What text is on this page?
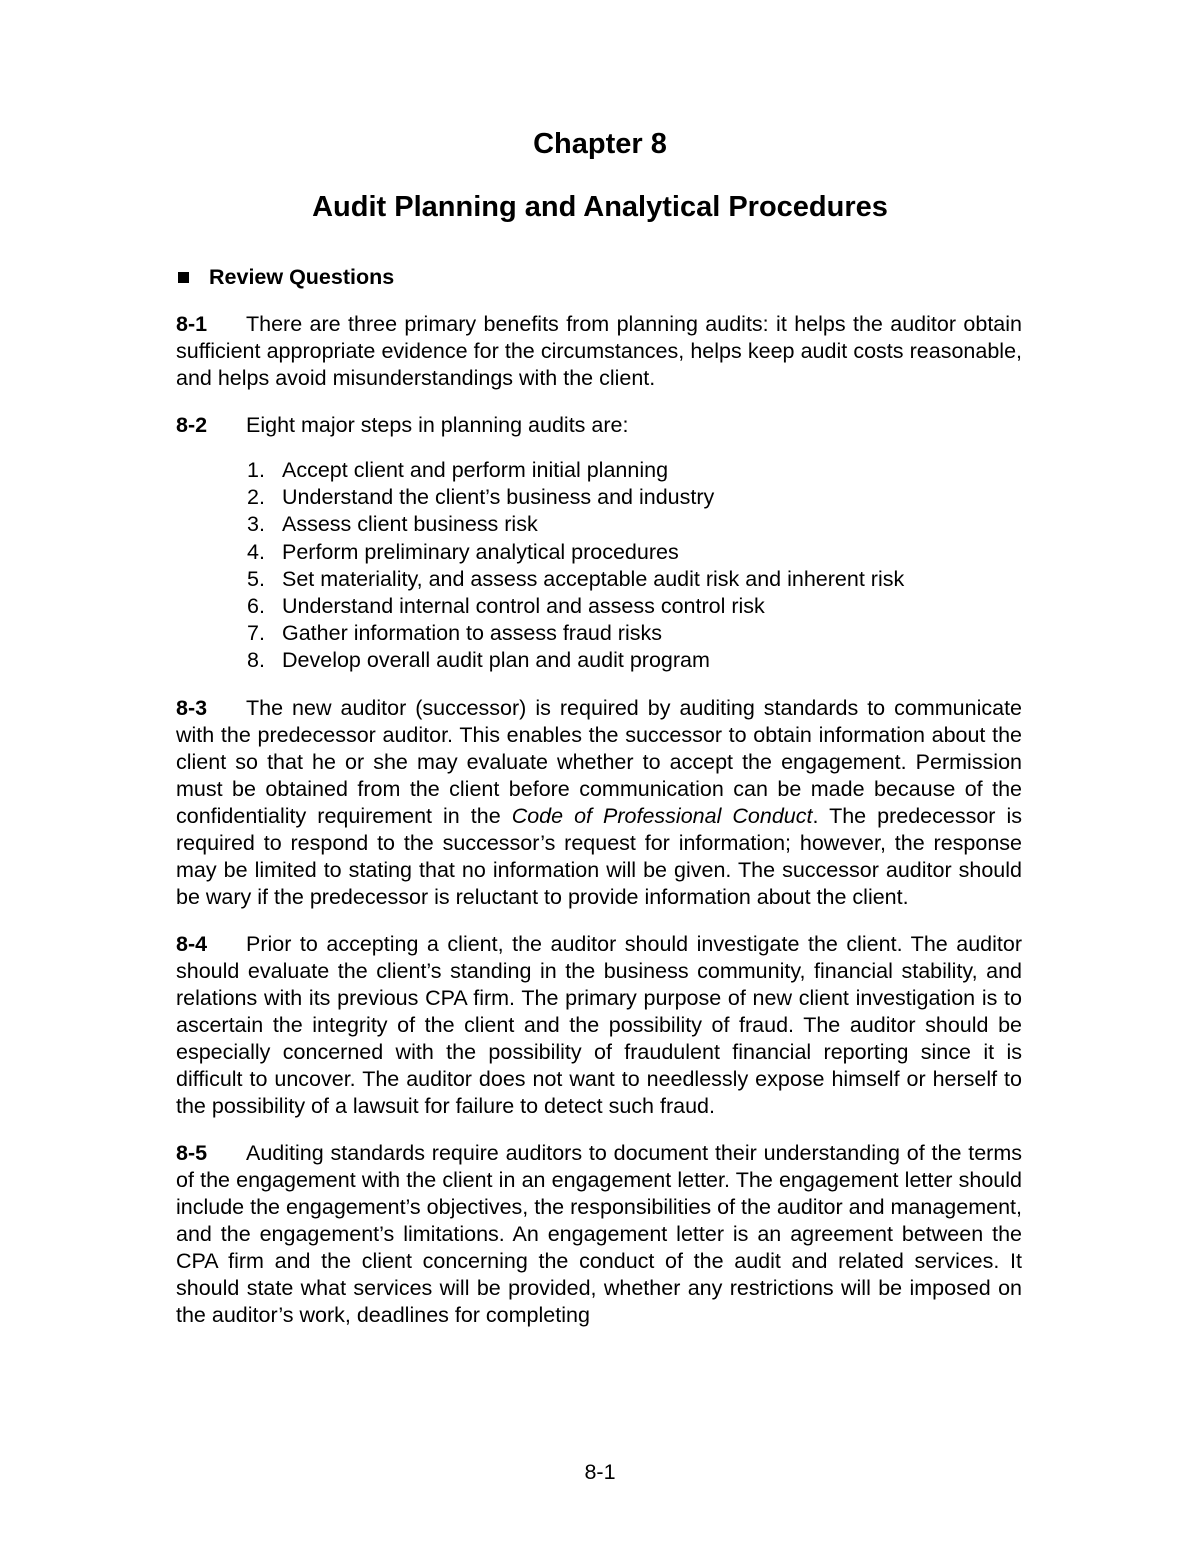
Chapter 8
Audit Planning and Analytical Procedures
Review Questions

8-1 There are three primary benefits from planning audits: it helps the auditor obtain sufficient appropriate evidence for the circumstances, helps keep audit costs reasonable, and helps avoid misunderstandings with the client.

8-2 Eight major steps in planning audits are:

1. Accept client and perform initial planning
2. Understand the client’s business and industry
3. Assess client business risk
4. Perform preliminary analytical procedures
5. Set materiality, and assess acceptable audit risk and inherent risk
6. Understand internal control and assess control risk
7. Gather information to assess fraud risks
8. Develop overall audit plan and audit program

8-3 The new auditor (successor) is required by auditing standards to communicate with the predecessor auditor. This enables the successor to obtain information about the client so that he or she may evaluate whether to accept the engagement. Permission must be obtained from the client before communication can be made because of the confidentiality requirement in the Code of Professional Conduct. The predecessor is required to respond to the successor’s request for information; however, the response may be limited to stating that no information will be given. The successor auditor should be wary if the predecessor is reluctant to provide information about the client.

8-4 Prior to accepting a client, the auditor should investigate the client. The auditor should evaluate the client’s standing in the business community, financial stability, and relations with its previous CPA firm. The primary purpose of new client investigation is to ascertain the integrity of the client and the possibility of fraud. The auditor should be especially concerned with the possibility of fraudulent financial reporting since it is difficult to uncover. The auditor does not want to needlessly expose himself or herself to the possibility of a lawsuit for failure to detect such fraud.

8-5 Auditing standards require auditors to document their understanding of the terms of the engagement with the client in an engagement letter. The engagement letter should include the engagement’s objectives, the responsibilities of the auditor and management, and the engagement’s limitations. An engagement letter is an agreement between the CPA firm and the client concerning the conduct of the audit and related services. It should state what services will be provided, whether any restrictions will be imposed on the auditor’s work, deadlines for completing

8-1
